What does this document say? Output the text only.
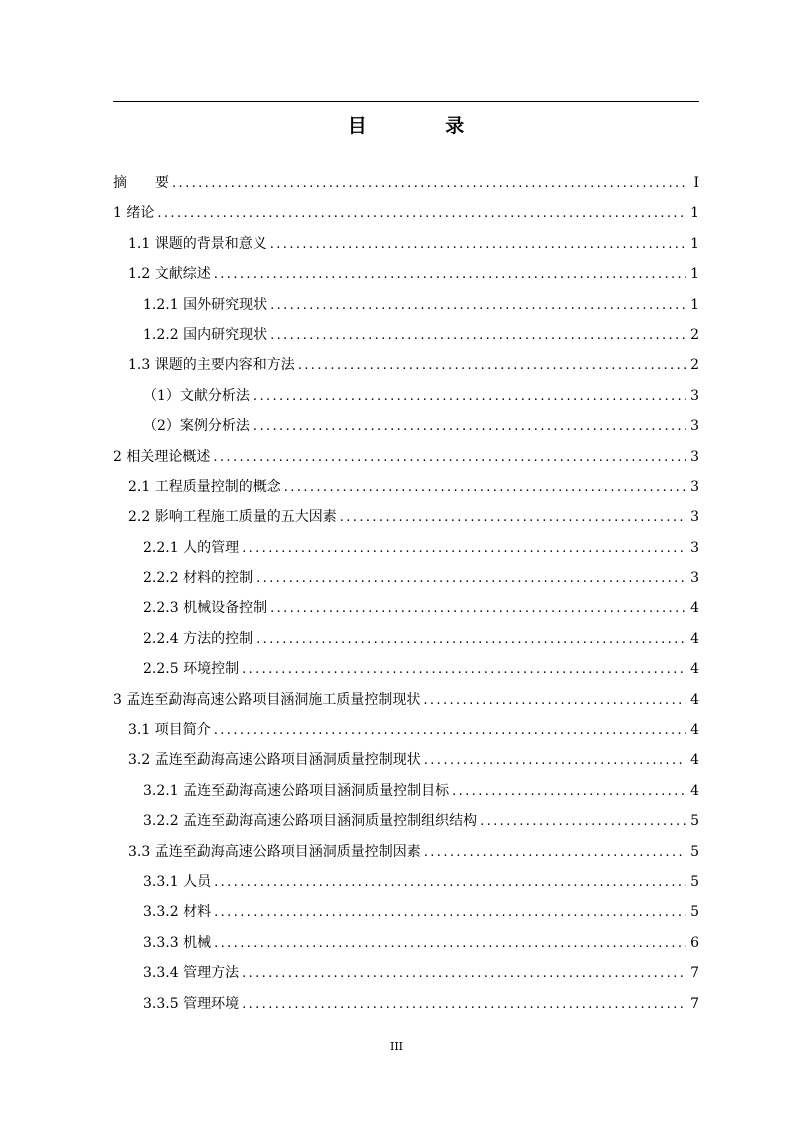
目 录
摘　　要 .....	I
1 绪论 .....	1
1.1 课题的背景和意义 .....	1
1.2 文献综述 .....	1
1.2.1 国外研究现状 .....	1
1.2.2 国内研究现状 .....	2
1.3 课题的主要内容和方法 .....	2
（1）文献分析法 .....	3
（2）案例分析法 .....	3
2 相关理论概述 .....	3
2.1 工程质量控制的概念 .....	3
2.2 影响工程施工质量的五大因素 .....	3
2.2.1 人的管理 .....	3
2.2.2 材料的控制 .....	3
2.2.3 机械设备控制 .....	4
2.2.4 方法的控制 .....	4
2.2.5 环境控制 .....	4
3 孟连至勐海高速公路项目涵洞施工质量控制现状 .....	4
3.1 项目简介 .....	4
3.2 孟连至勐海高速公路项目涵洞质量控制现状 .....	4
3.2.1 孟连至勐海高速公路项目涵洞质量控制目标 .....	4
3.2.2 孟连至勐海高速公路项目涵洞质量控制组织结构 .....	5
3.3 孟连至勐海高速公路项目涵洞质量控制因素 .....	5
3.3.1 人员 .....	5
3.3.2 材料 .....	5
3.3.3 机械 .....	6
3.3.4 管理方法 .....	7
3.3.5 管理环境 .....	7
III
